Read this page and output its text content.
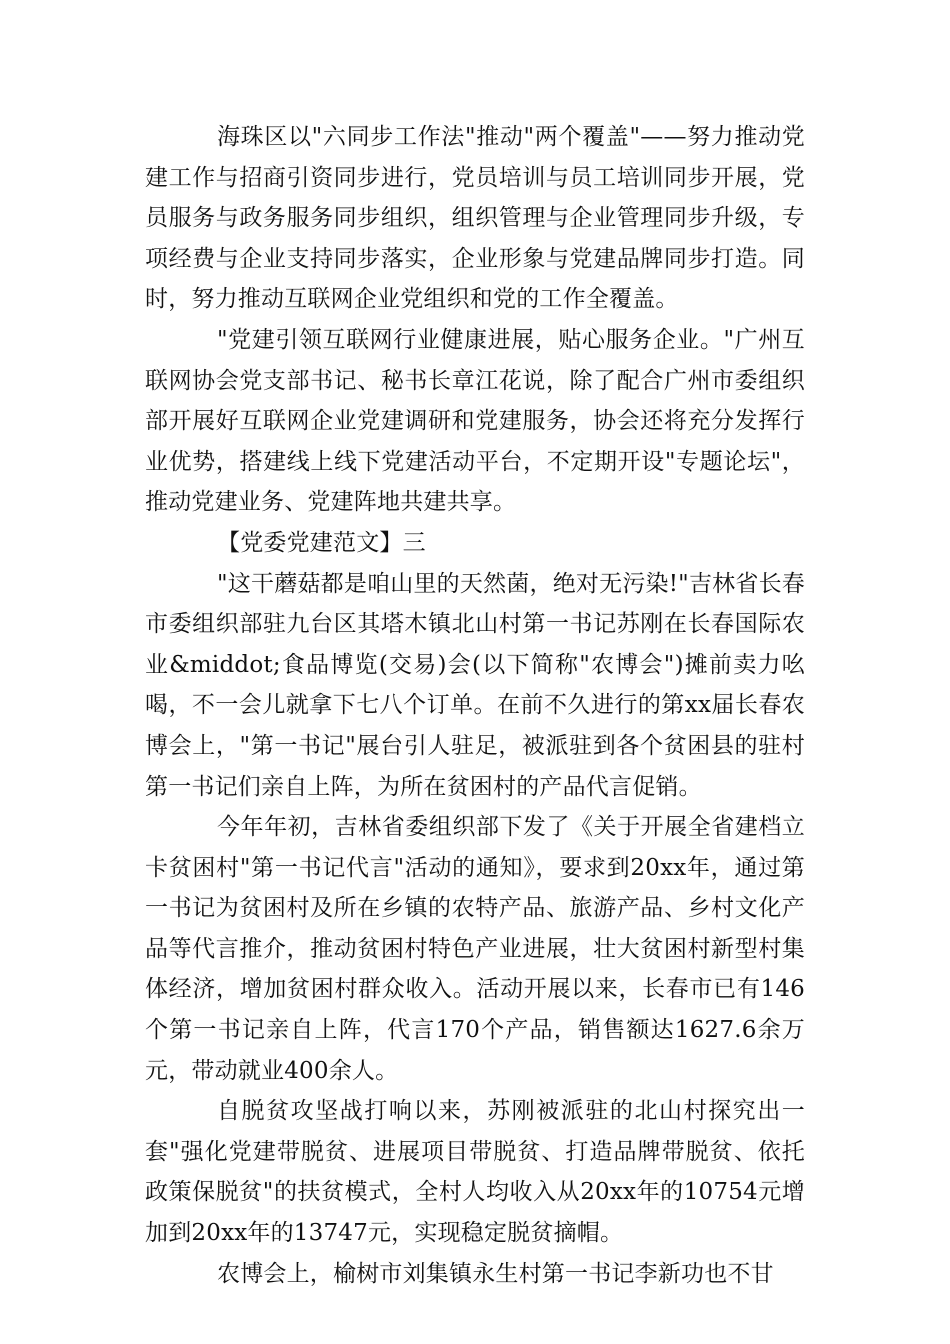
海珠区以"六同步工作法"推动"两个覆盖"——努力推动党建工作与招商引资同步进行，党员培训与员工培训同步开展，党员服务与政务服务同步组织，组织管理与企业管理同步升级，专项经费与企业支持同步落实，企业形象与党建品牌同步打造。同时，努力推动互联网企业党组织和党的工作全覆盖。

"党建引领互联网行业健康进展，贴心服务企业。"广州互联网协会党支部书记、秘书长章江花说，除了配合广州市委组织部开展好互联网企业党建调研和党建服务，协会还将充分发挥行业优势，搭建线上线下党建活动平台，不定期开设"专题论坛"，推动党建业务、党建阵地共建共享。

【党委党建范文】三

"这干蘑菇都是咱山里的天然菌，绝对无污染!"吉林省长春市委组织部驻九台区其塔木镇北山村第一书记苏刚在长春国际农业&middot;食品博览(交易)会(以下简称"农博会")摊前卖力吆喝，不一会儿就拿下七八个订单。在前不久进行的第xx届长春农博会上，"第一书记"展台引人驻足，被派驻到各个贫困县的驻村第一书记们亲自上阵，为所在贫困村的产品代言促销。

今年年初，吉林省委组织部下发了《关于开展全省建档立卡贫困村"第一书记代言"活动的通知》，要求到20xx年，通过第一书记为贫困村及所在乡镇的农特产品、旅游产品、乡村文化产品等代言推介，推动贫困村特色产业进展，壮大贫困村新型村集体经济，增加贫困村群众收入。活动开展以来，长春市已有146个第一书记亲自上阵，代言170个产品，销售额达1627.6余万元，带动就业400余人。

自脱贫攻坚战打响以来，苏刚被派驻的北山村探究出一套"强化党建带脱贫、进展项目带脱贫、打造品牌带脱贫、依托政策保脱贫"的扶贫模式，全村人均收入从20xx年的10754元增加到20xx年的13747元，实现稳定脱贫摘帽。

农博会上，榆树市刘集镇永生村第一书记李新功也不甘
